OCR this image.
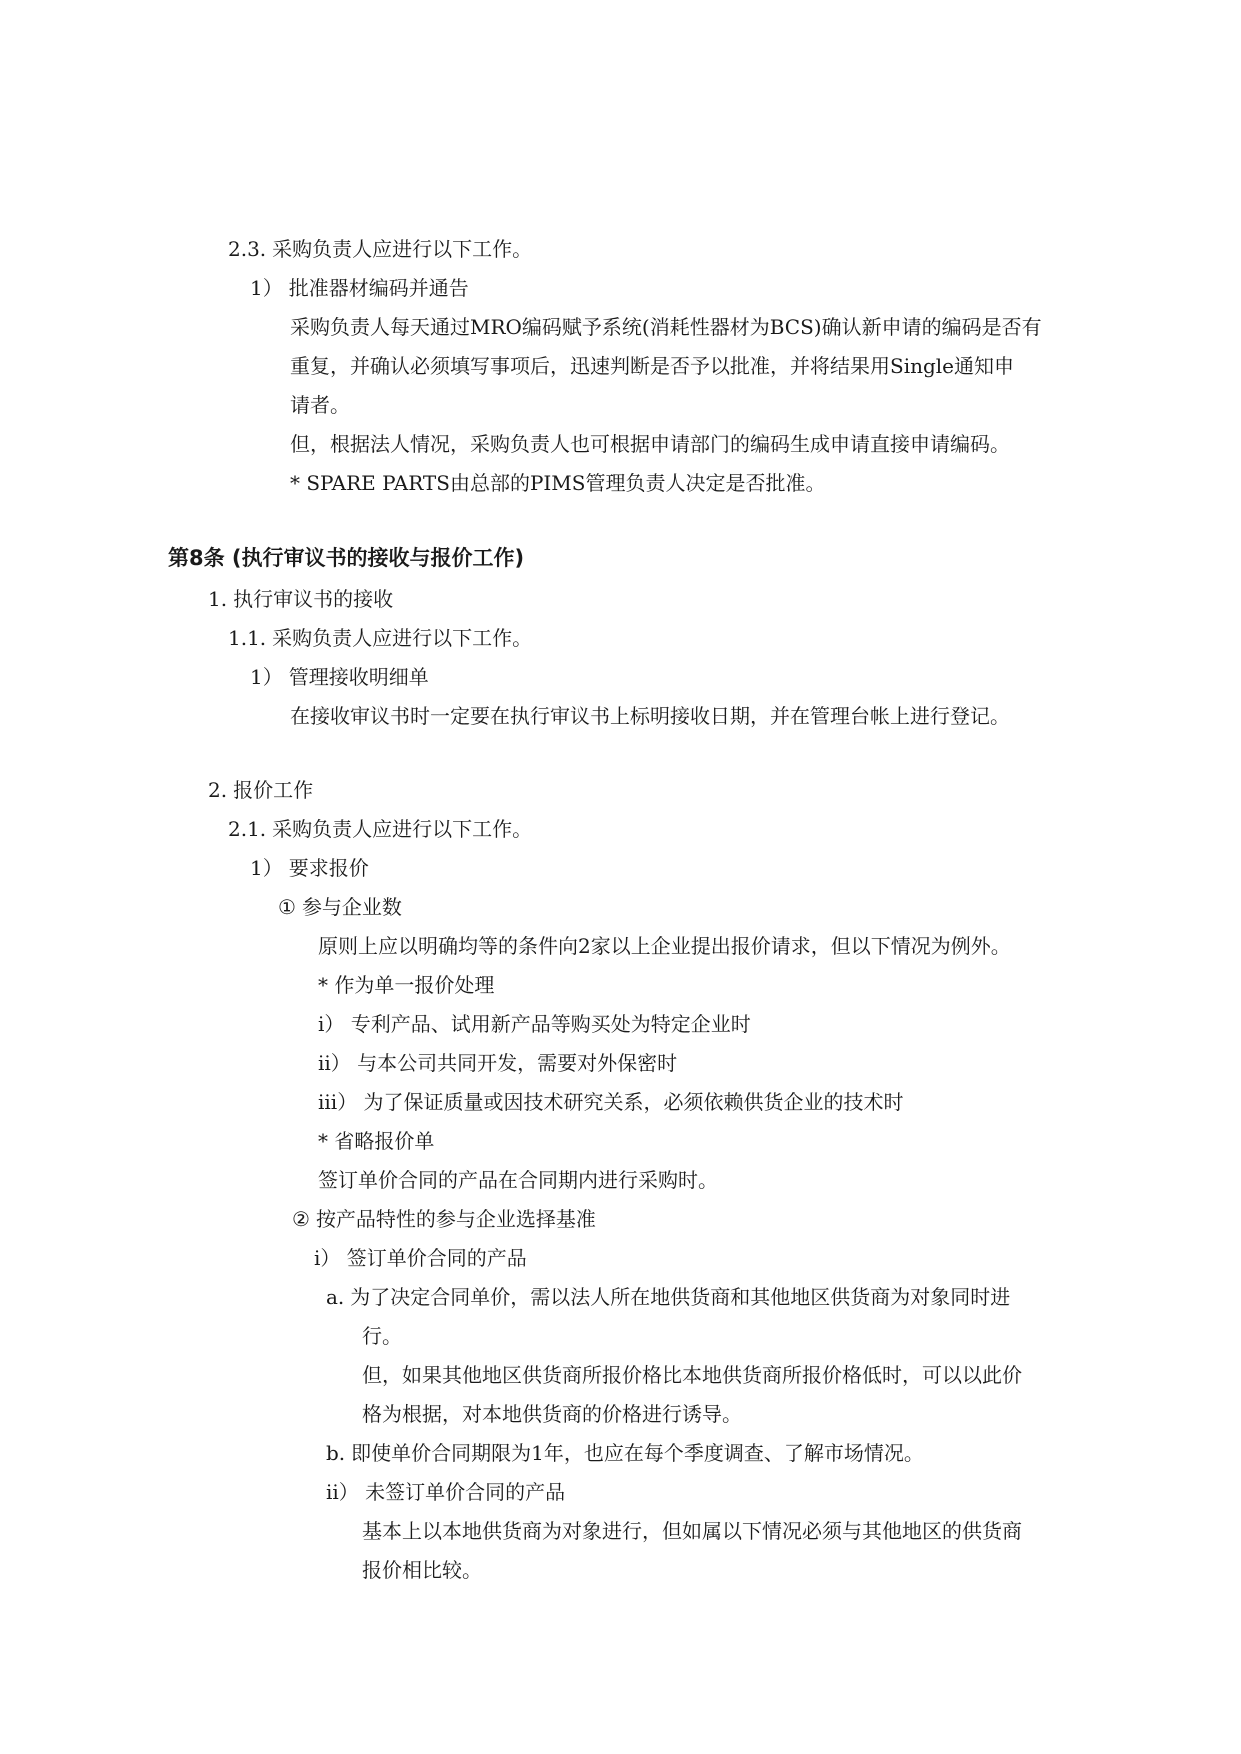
2.3. 采购负责人应进行以下工作。
1） 批准器材编码并通告
采购负责人每天通过MRO编码赋予系统(消耗性器材为BCS)确认新申请的编码是否有
重复，并确认必须填写事项后，迅速判断是否予以批准，并将结果用Single通知申
请者。
但，根据法人情况，采购负责人也可根据申请部门的编码生成申请直接申请编码。
* SPARE PARTS由总部的PIMS管理负责人决定是否批准。
第8条 (执行审议书的接收与报价工作)
1. 执行审议书的接收
1.1. 采购负责人应进行以下工作。
1） 管理接收明细单
在接收审议书时一定要在执行审议书上标明接收日期，并在管理台帐上进行登记。
2. 报价工作
2.1. 采购负责人应进行以下工作。
1） 要求报价
① 参与企业数
原则上应以明确均等的条件向2家以上企业提出报价请求，但以下情况为例外。
* 作为单一报价处理
i） 专利产品、试用新产品等购买处为特定企业时
ii） 与本公司共同开发，需要对外保密时
iii） 为了保证质量或因技术研究关系，必须依赖供货企业的技术时
* 省略报价单
签订单价合同的产品在合同期内进行采购时。
② 按产品特性的参与企业选择基准
i） 签订单价合同的产品
a. 为了决定合同单价，需以法人所在地供货商和其他地区供货商为对象同时进
行。
但，如果其他地区供货商所报价格比本地供货商所报价格低时，可以以此价
格为根据，对本地供货商的价格进行诱导。
b. 即使单价合同期限为1年，也应在每个季度调查、了解市场情况。
ii） 未签订单价合同的产品
基本上以本地供货商为对象进行，但如属以下情况必须与其他地区的供货商
报价相比较。
